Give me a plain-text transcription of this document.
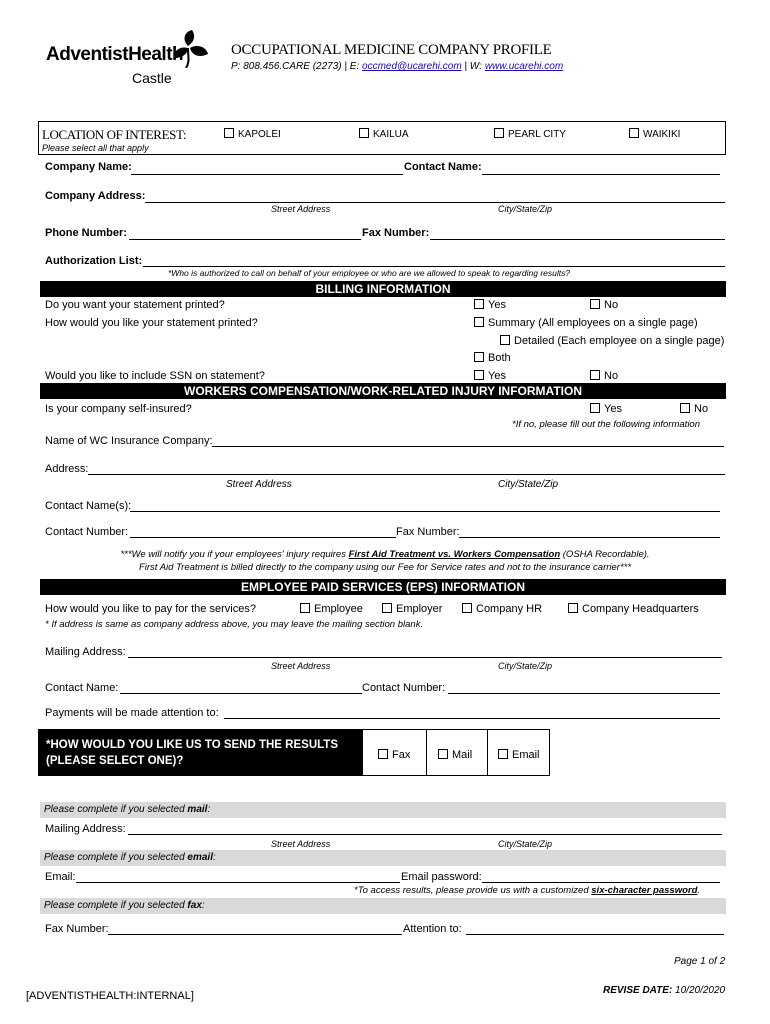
AdventistHealth
Castle
OCCUPATIONAL MEDICINE COMPANY PROFILE
P: 808.456.CARE (2273) | E: occmed@ucarehi.com | W: www.ucarehi.com
LOCATION OF INTEREST:
Please select all that apply
KAPOLEI	KAILUA	PEARL CITY	WAIKIKI
Company Name:	Contact Name:
Company Address:
Street Address	City/State/Zip
Phone Number:	Fax Number:
Authorization List:
*Who is authorized to call on behalf of your employee or who are we allowed to speak to regarding results?
BILLING INFORMATION
Do you want your statement printed?	Yes	No
How would you like your statement printed?	Summary (All employees on a single page)
Detailed (Each employee on a single page)
Both
Would you like to include SSN on statement?	Yes	No
WORKERS COMPENSATION/WORK-RELATED INJURY INFORMATION
Is your company self-insured?	Yes	No
*If no, please fill out the following information
Name of WC Insurance Company:
Address:
Street Address	City/State/Zip
Contact Name(s):
Contact Number:	Fax Number:
***We will notify you if your employees' injury requires First Aid Treatment vs. Workers Compensation (OSHA Recordable).
First Aid Treatment is billed directly to the company using our Fee for Service rates and not to the insurance carrier***
EMPLOYEE PAID SERVICES (EPS) INFORMATION
How would you like to pay for the services?	Employee	Employer	Company HR	Company Headquarters
* If address is same as company address above, you may leave the mailing section blank.
Mailing Address:
Street Address	City/State/Zip
Contact Name:	Contact Number:
Payments will be made attention to:
*HOW WOULD YOU LIKE US TO SEND THE RESULTS
(PLEASE SELECT ONE)?	Fax	Mail	Email
Please complete if you selected mail:
Mailing Address:
Street Address	City/State/Zip
Please complete if you selected email:
Email:	Email password:
*To access results, please provide us with a customized six-character password.
Please complete if you selected fax:
Fax Number:	Attention to:
Page 1 of 2
[ADVENTISTHEALTH:INTERNAL]	REVISE DATE: 10/20/2020
